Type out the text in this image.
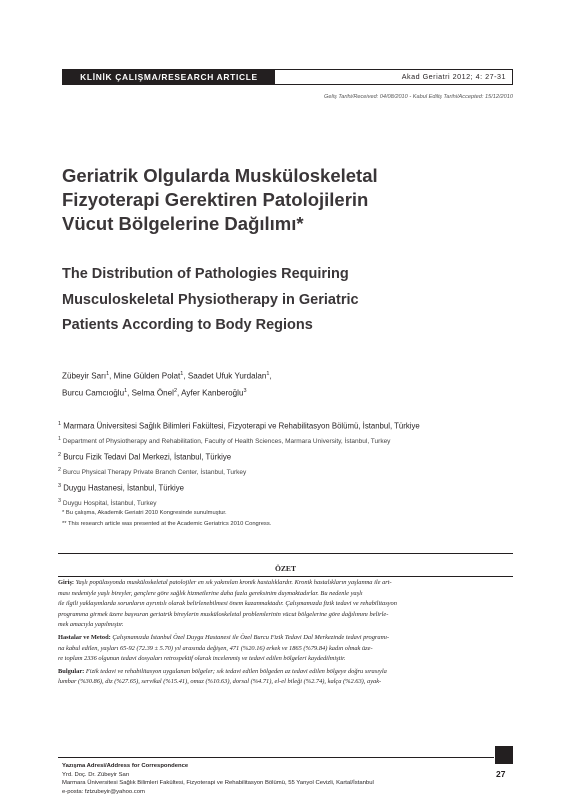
KLİNİK ÇALIŞMA/RESEARCH ARTICLE	Akad Geriatri 2012; 4: 27-31
Geliş Tarihi/Received: 04/08/2010 - Kabul Ediliş Tarihi/Accepted: 15/12/2010
Geriatrik Olgularda Musküloskeletal
Fizyoterapi Gerektiren Patolojilerin
Vücut Bölgelerine Dağılımı*
The Distribution of Pathologies Requiring
Musculoskeletal Physiotherapy in Geriatric
Patients According to Body Regions
Zübeyir Sarı$^1$, Mine Gülden Polat$^1$, Saadet Ufuk Yurdalan$^1$,
Burcu Camcıoğlu$^1$, Selma Önel$^2$, Ayfer Kanberoğlu$^3$
$^1$ Marmara Üniversitesi Sağlık Bilimleri Fakültesi, Fizyoterapi ve Rehabilitasyon Bölümü, İstanbul, Türkiye
$^1$ Department of Physiotherapy and Rehabilitation, Faculty of Health Sciences, Marmara University, İstanbul, Turkey
$^2$ Burcu Fizik Tedavi Dal Merkezi, İstanbul, Türkiye
$^2$ Burcu Physical Therapy Private Branch Center, İstanbul, Turkey
$^3$ Duygu Hastanesi, İstanbul, Türkiye
$^3$ Duygu Hospital, İstanbul, Turkey
* Bu çalışma, Akademik Geriatri 2010 Kongresinde sunulmuştur.
** This research article was presented at the Academic Geriatrics 2010 Congress.
ÖZET
Giriş: Yaşlı popülasyonda musküloskeletal patolojiler en sık yakınılan kronik hastalıklardır. Kronik hastalıkların yaşlanma ile art-
ması nedeniyle yaşlı bireyler, gençlere göre sağlık hizmetlerine daha fazla gereksinim duymaktadırlar. Bu nedenle yaşlı
ile ilgili yaklaşımlarda sorunların ayrıntılı olarak belirlenebilmesi önem kazanmaktadır. Çalışmamızda fizik tedavi ve rehabilitasyon
programına girmek üzere başvuran geriatrik bireylerin musküloskeletal problemlerinin vücut bölgelerine göre dağılımını belirle-
mek amacıyla yapılmıştır.
Hastalar ve Metod: Çalışmamızda İstanbul Özel Duygu Hastanesi ile Özel Burcu Fizik Tedavi Dal Merkezinde tedavi programı-
na kabul edilen, yaşları 65-92 (72.39 ± 5.70) yıl arasında değişen, 471 (%20.16) erkek ve 1865 (%79.84) kadın olmak üze-
re toplam 2336 olgunun tedavi dosyaları retrospektif olarak incelenmiş ve tedavi edilen bölgeleri kaydedilmiştir.
Bulgular: Fizik tedavi ve rehabilitasyon uygulanan bölgeler; sık tedavi edilen bölgeden az tedavi edilen bölgeye doğru sırasıyla
lumbar (%30.86), diz (%27.65), servikal (%15.41), omuz (%10.63), dorsal (%4.71), el-el bileği (%2.74), kalça (%2.63), ayak-
Yazışma Adresi/Address for Correspondence
Yrd. Doç. Dr. Zübeyir Sarı
Marmara Üniversitesi Sağlık Bilimleri Fakültesi, Fizyoterapi ve Rehabilitasyon Bölümü, 55 Yanyol Cevizli, Kartal/İstanbul
e-posta: fztzubeyir@yahoo.com
27
